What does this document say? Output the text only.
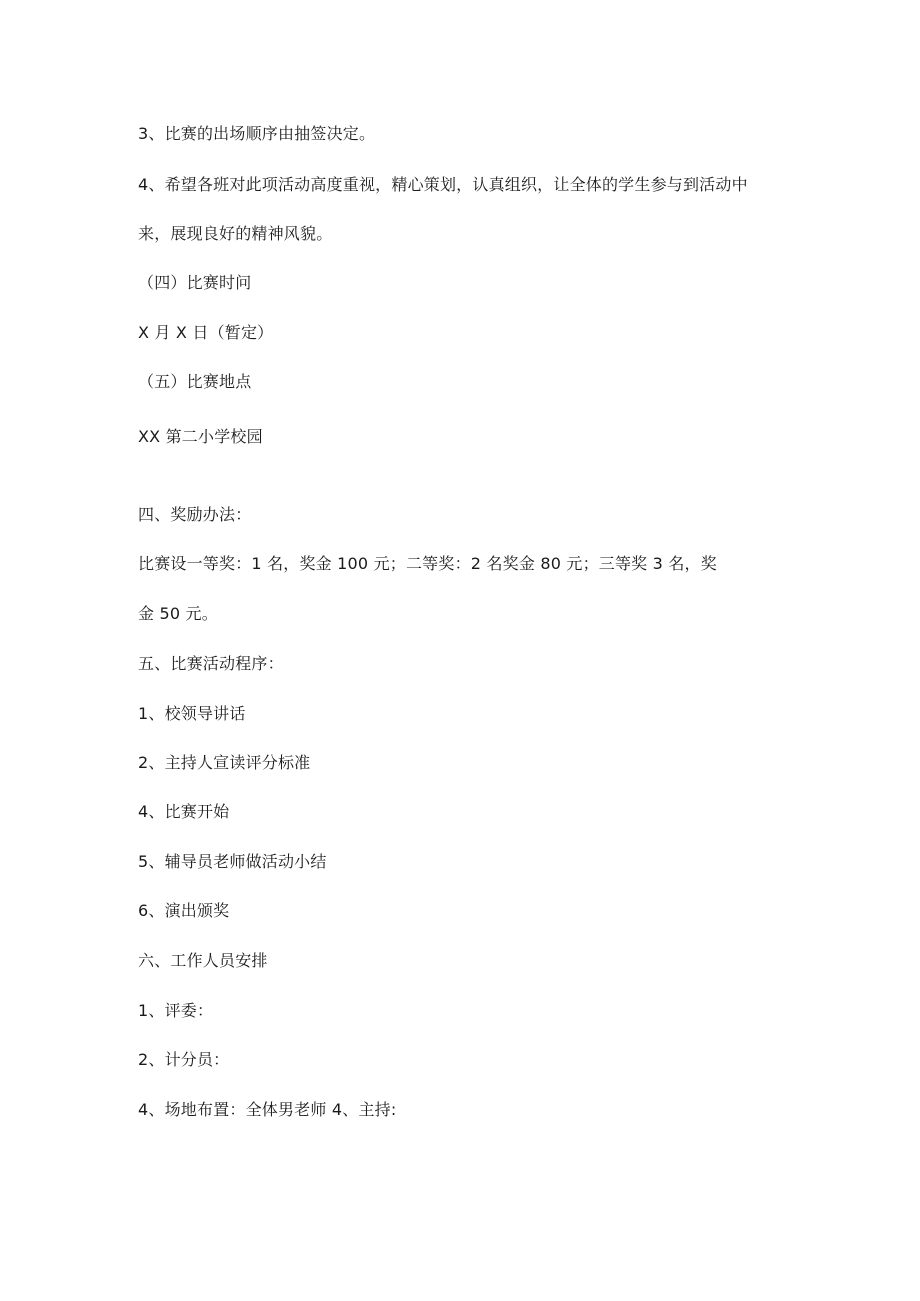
3、比赛的出场顺序由抽签决定。
4、希望各班对此项活动高度重视，精心策划，认真组织，让全体的学生参与到活动中
来，展现良好的精神风貌。
（四）比赛时问
X 月 X 日（暂定）
（五）比赛地点
XX 第二小学校园
四、奖励办法：
比赛设一等奖：1 名，奖金 100 元；二等奖：2 名奖金 80 元；三等奖 3 名，奖
金 50 元。
五、比赛活动程序：
1、校领导讲话
2、主持人宣读评分标准
4、比赛开始
5、辅导员老师做活动小结
6、演出颁奖
六、工作人员安排
1、评委：
2、计分员：
4、场地布置：全体男老师 4、主持:
